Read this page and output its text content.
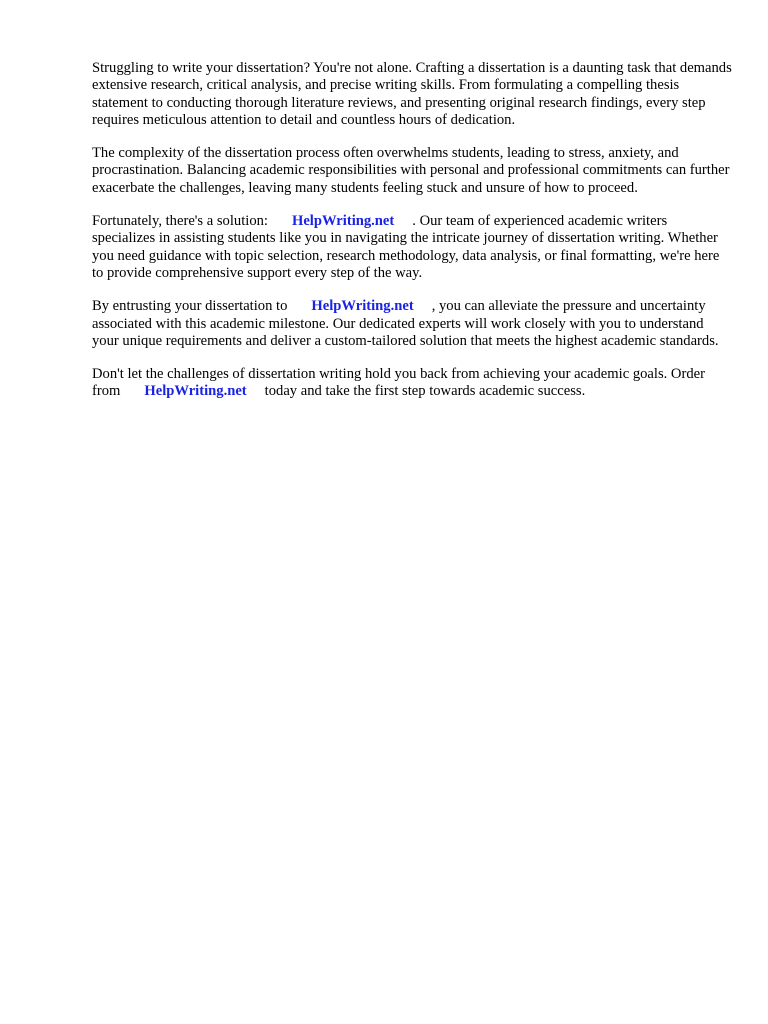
Struggling to write your dissertation? You're not alone. Crafting a dissertation is a daunting task that demands extensive research, critical analysis, and precise writing skills. From formulating a compelling thesis statement to conducting thorough literature reviews, and presenting original research findings, every step requires meticulous attention to detail and countless hours of dedication.

The complexity of the dissertation process often overwhelms students, leading to stress, anxiety, and procrastination. Balancing academic responsibilities with personal and professional commitments can further exacerbate the challenges, leaving many students feeling stuck and unsure of how to proceed.

Fortunately, there's a solution: HelpWriting.net . Our team of experienced academic writers specializes in assisting students like you in navigating the intricate journey of dissertation writing. Whether you need guidance with topic selection, research methodology, data analysis, or final formatting, we're here to provide comprehensive support every step of the way.

By entrusting your dissertation to HelpWriting.net , you can alleviate the pressure and uncertainty associated with this academic milestone. Our dedicated experts will work closely with you to understand your unique requirements and deliver a custom-tailored solution that meets the highest academic standards.

Don't let the challenges of dissertation writing hold you back from achieving your academic goals. Order from HelpWriting.net today and take the first step towards academic success.
